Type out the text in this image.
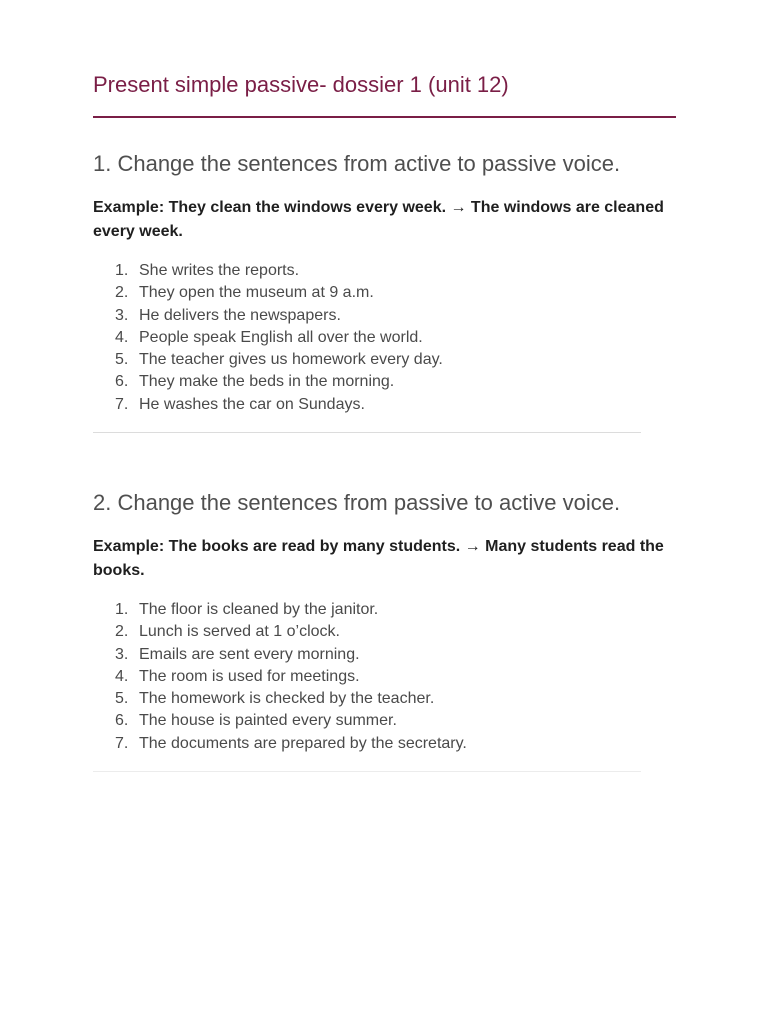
Present simple passive- dossier 1 (unit 12)
1. Change the sentences from active to passive voice.

Example: They clean the windows every week. → The windows are cleaned every week.

1. She writes the reports.
2. They open the museum at 9 a.m.
3. He delivers the newspapers.
4. People speak English all over the world.
5. The teacher gives us homework every day.
6. They make the beds in the morning.
7. He washes the car on Sundays.
2. Change the sentences from passive to active voice.

Example: The books are read by many students. → Many students read the books.

1. The floor is cleaned by the janitor.
2. Lunch is served at 1 o’clock.
3. Emails are sent every morning.
4. The room is used for meetings.
5. The homework is checked by the teacher.
6. The house is painted every summer.
7. The documents are prepared by the secretary.
